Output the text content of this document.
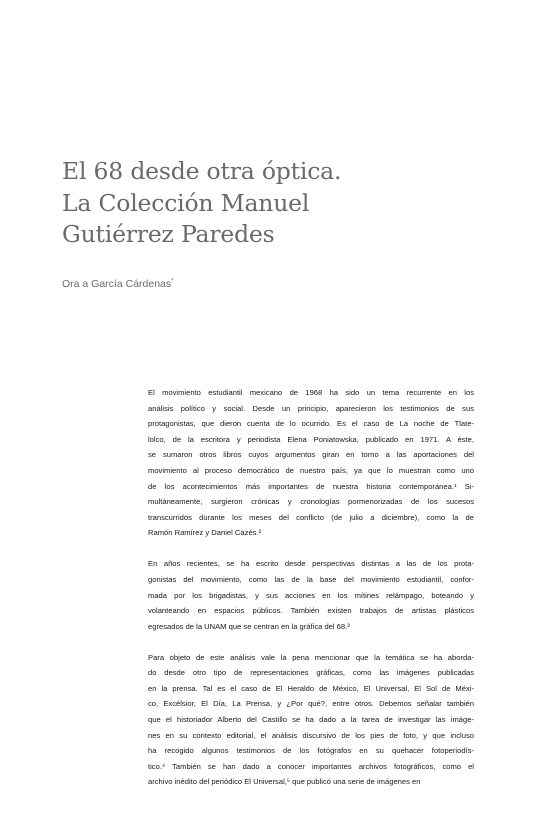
El 68 desde otra óptica.
La Colección Manuel
Gutiérrez Paredes
Ora a García Cárdenas*
El movimiento estudiantil mexicano de 1968 ha sido un tema recurrente en los
análisis político y social. Desde un principio, aparecieron los testimonios de sus
protagonistas, que dieron cuenta de lo ocurrido. Es el caso de La noche de Tlate-
lolco, de la escritora y periodista Elena Poniatowska, publicado en 1971. A éste,
se sumaron otros libros cuyos argumentos giran en torno a las aportaciones del
movimiento al proceso democrático de nuestro país, ya que lo muestran como uno
de los acontecimientos más importantes de nuestra historia contemporánea.¹ Si-
multáneamente, surgieron crónicas y cronologías pormenorizadas de los sucesos
transcurridos durante los meses del conflicto (de julio a diciembre), como la de
Ramón Ramírez y Daniel Cazés.²
En años recientes, se ha escrito desde perspectivas distintas a las de los prota-
gonistas del movimiento, como las de la base del movimiento estudiantil, confor-
mada por los brigadistas, y sus acciones en los mítines relámpago, boteando y
volanteando en espacios públicos. También existen trabajos de artistas plásticos
egresados de la UNAM que se centran en la gráfica del 68.³
Para objeto de este análisis vale la pena mencionar que la temática se ha aborda-
do desde otro tipo de representaciones gráficas, como las imágenes publicadas
en la prensa. Tal es el caso de El Heraldo de México, El Universal, El Sol de Méxi-
co, Excélsior, El Día, La Prensa, y ¿Por qué?, entre otros. Debemos señalar también
que el historiador Alberto del Castillo se ha dado a la tarea de investigar las imáge-
nes en su contexto editorial, el análisis discursivo de los pies de foto, y que incluso
ha recogido algunos testimonios de los fotógrafos en su quehacer fotoperiodís-
tico.⁴ También se han dado a conocer importantes archivos fotográficos, como el
archivo inédito del periódico El Universal,⁵ que publicó una serie de imágenes en
